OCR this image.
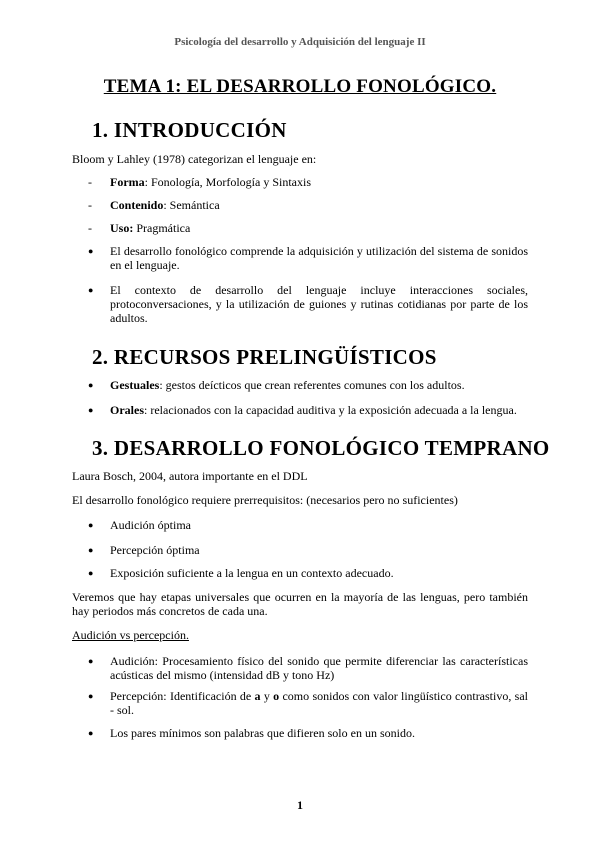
Psicología del desarrollo y Adquisición del lenguaje II
TEMA 1: EL DESARROLLO FONOLÓGICO.
1. INTRODUCCIÓN
Bloom y Lahley (1978) categorizan el lenguaje en:
-	Forma: Fonología, Morfología y Sintaxis
-	Contenido: Semántica
-	Uso: Pragmática
●	El desarrollo fonológico comprende la adquisición y utilización del sistema de sonidos en el lenguaje.
●	El contexto de desarrollo del lenguaje incluye interacciones sociales, protoconversaciones, y la utilización de guiones y rutinas cotidianas por parte de los adultos.
2. RECURSOS PRELINGÜÍSTICOS
●	Gestuales: gestos deícticos que crean referentes comunes con los adultos.
●	Orales: relacionados con la capacidad auditiva y la exposición adecuada a la lengua.
3. DESARROLLO FONOLÓGICO TEMPRANO
Laura Bosch, 2004, autora importante en el DDL
El desarrollo fonológico requiere prerrequisitos: (necesarios pero no suficientes)
●	Audición óptima
●	Percepción óptima
●	Exposición suficiente a la lengua en un contexto adecuado.
Veremos que hay etapas universales que ocurren en la mayoría de las lenguas, pero también hay periodos más concretos de cada una.
Audición vs percepción.
●	Audición: Procesamiento físico del sonido que permite diferenciar las características acústicas del mismo (intensidad dB y tono Hz)
●	Percepción: Identificación de a y o como sonidos con valor lingüístico contrastivo, sal - sol.
●	Los pares mínimos son palabras que difieren solo en un sonido.
1
